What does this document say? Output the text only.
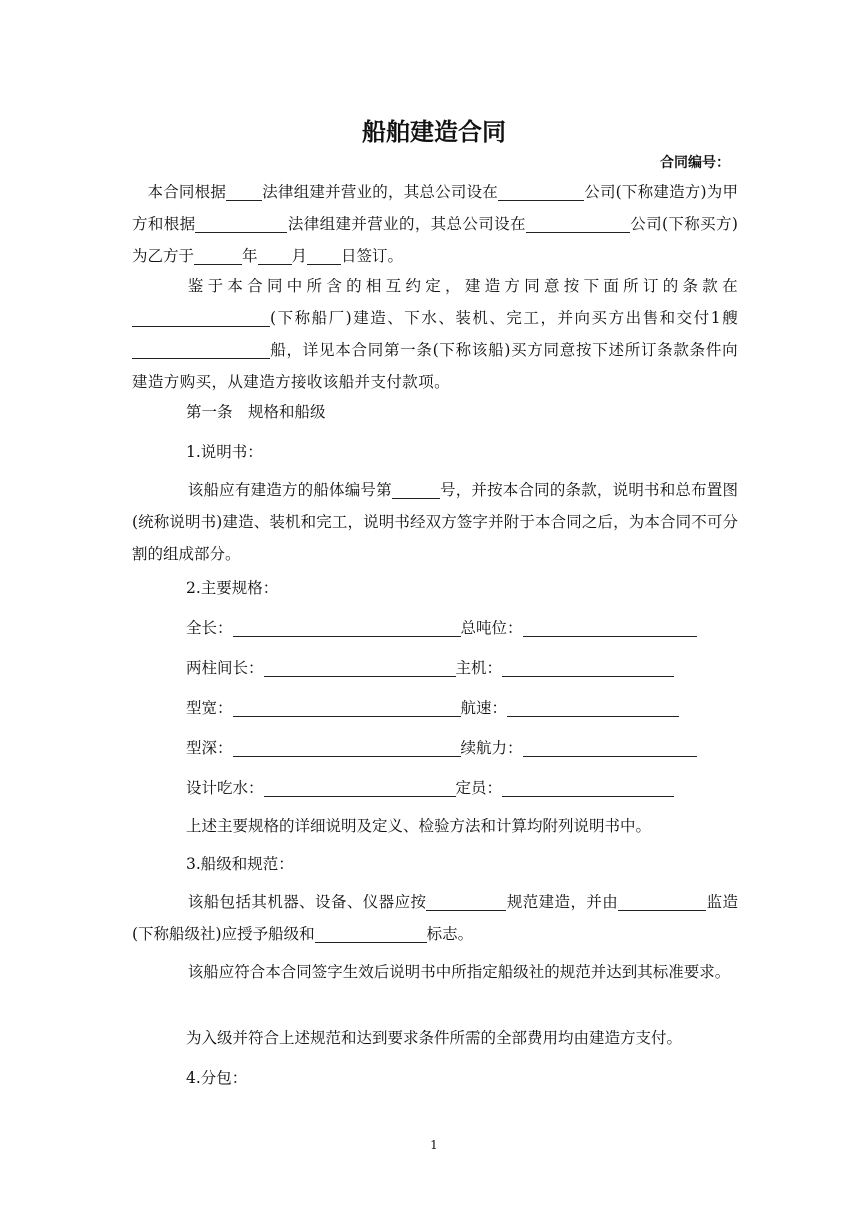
船舶建造合同
合同编号：

本合同根据 法律组建并营业的，其总公司设在	公司(下称建造方)为甲方和根据	法律组建并营业的，其总公司设在	公司(下称买方)为乙方于	年 月 日签订。

鉴于本合同中所含的相互约定，建造方同意按下面所订的条款在(下称船厂)建造、下水、装机、完工，并向买方出售和交付1艘船，详见本合同第一条(下称该船)买方同意按下述所订条款条件向建造方购买，从建造方接收该船并支付款项。

第一条　规格和船级
1.说明书：

该船应有建造方的船体编号第	号，并按本合同的条款，说明书和总布置图(统称说明书)建造、装机和完工，说明书经双方签字并附于本合同之后，为本合同不可分割的组成部分。

2.主要规格：
全长：	总吨位：
两柱间长：	主机：
型宽：	航速：
型深：	续航力：
设计吃水：	定员：
上述主要规格的详细说明及定义、检验方法和计算均附列说明书中。
3.船级和规范：

该船包括其机器、设备、仪器应按	规范建造，并由	监造(下称船级社)应授予船级和	标志。

该船应符合本合同签字生效后说明书中所指定船级社的规范并达到其标准要求。

为入级并符合上述规范和达到要求条件所需的全部费用均由建造方支付。
4.分包：
1
